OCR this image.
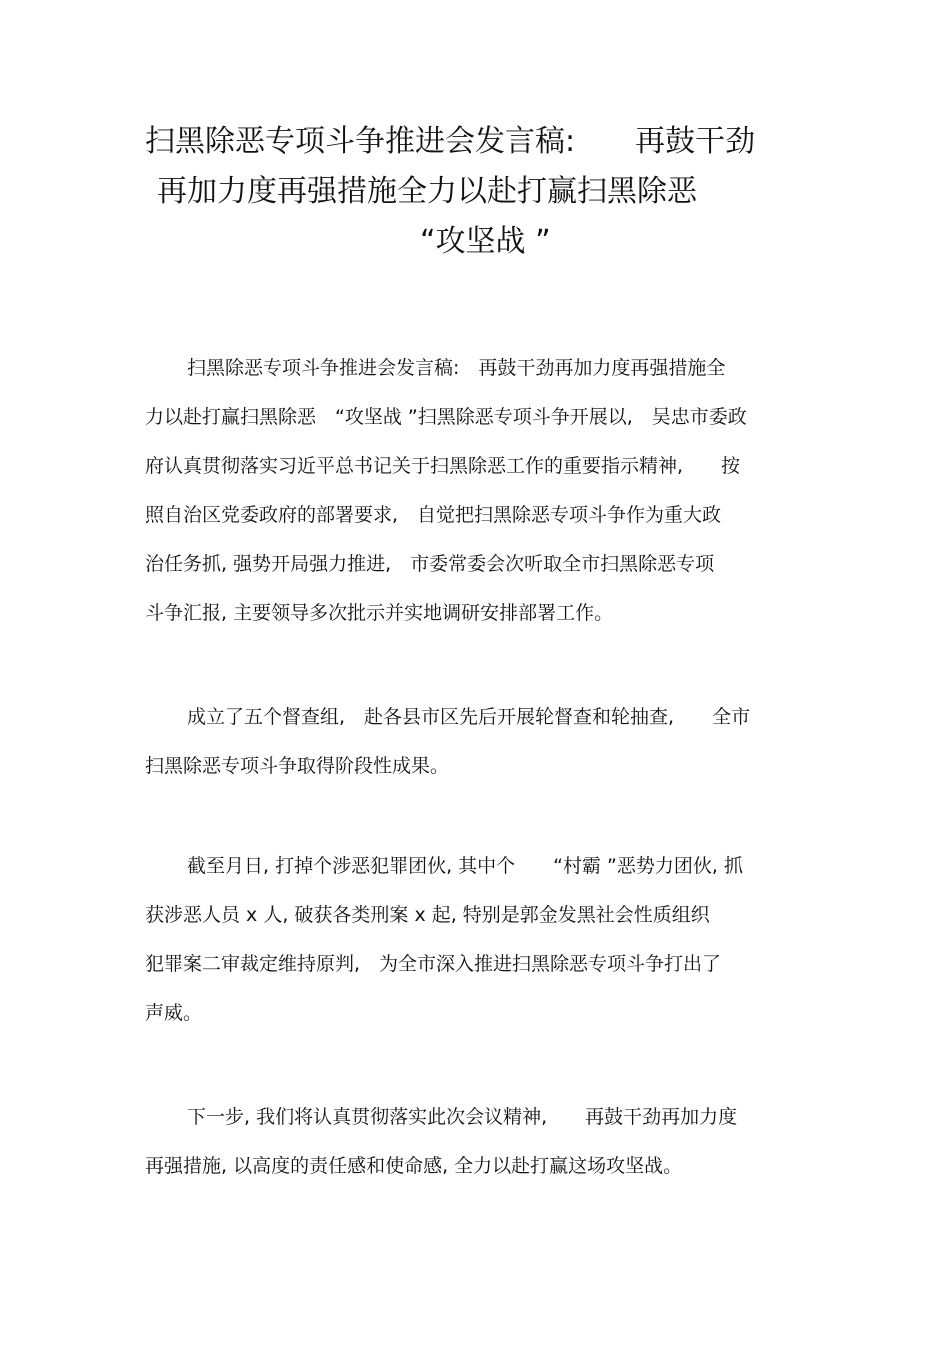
扫黑除恶专项斗争推进会发言稿:　　再鼓干劲
再加力度再强措施全力以赴打赢扫黑除恶
“攻坚战 ”
扫黑除恶专项斗争推进会发言稿:　再鼓干劲再加力度再强措施全
力以赴打赢扫黑除恶　“攻坚战 ”扫黑除恶专项斗争开展以,　吴忠市委政
府认真贯彻落实习近平总书记关于扫黑除恶工作的重要指示精神,　　按
照自治区党委政府的部署要求,　自觉把扫黑除恶专项斗争作为重大政
治任务抓, 强势开局强力推进,　市委常委会次听取全市扫黑除恶专项
斗争汇报, 主要领导多次批示并实地调研安排部署工作。
成立了五个督查组,　赴各县市区先后开展轮督查和轮抽查,　　全市
扫黑除恶专项斗争取得阶段性成果。
截至月日, 打掉个涉恶犯罪团伙, 其中个　　“村霸 ”恶势力团伙, 抓
获涉恶人员 x 人, 破获各类刑案 x 起, 特别是郭金发黑社会性质组织
犯罪案二审裁定维持原判,　为全市深入推进扫黑除恶专项斗争打出了
声威。
下一步, 我们将认真贯彻落实此次会议精神,　　再鼓干劲再加力度
再强措施, 以高度的责任感和使命感, 全力以赴打赢这场攻坚战。
